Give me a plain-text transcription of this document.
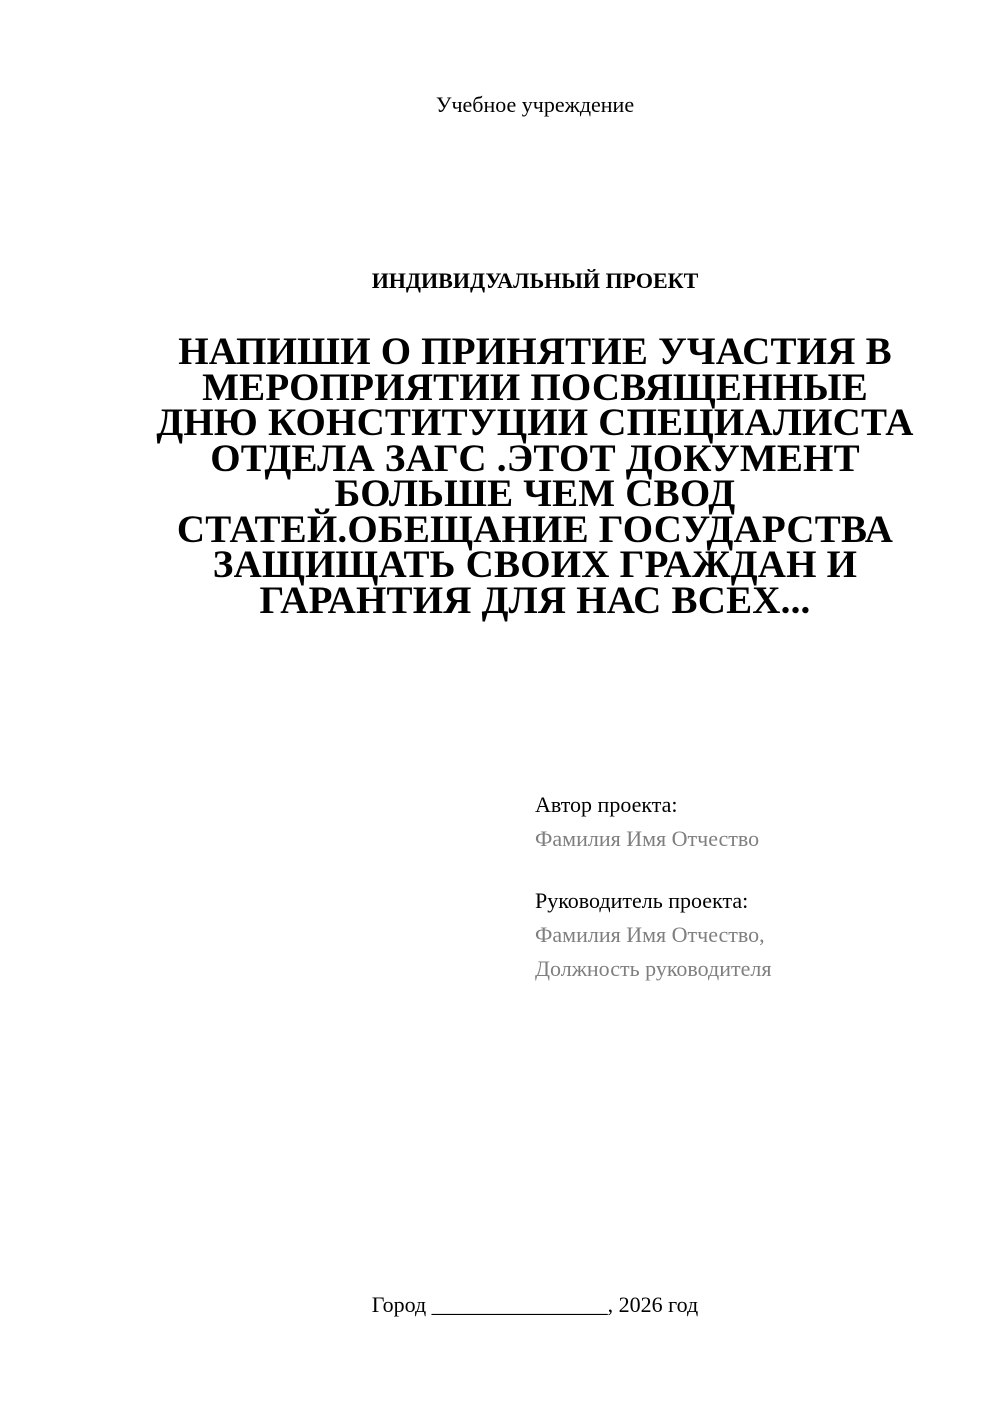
Учебное учреждение
ИНДИВИДУАЛЬНЫЙ ПРОЕКТ
НАПИШИ О ПРИНЯТИЕ УЧАСТИЯ В МЕРОПРИЯТИИ ПОСВЯЩЕННЫЕ ДНЮ КОНСТИТУЦИИ СПЕЦИАЛИСТА ОТДЕЛА ЗАГС .ЭТОТ ДОКУМЕНТ БОЛЬШЕ ЧЕМ СВОД СТАТЕЙ.ОБЕЩАНИЕ ГОСУДАРСТВА ЗАЩИЩАТЬ СВОИХ ГРАЖДАН И ГАРАНТИЯ ДЛЯ НАС ВСЕХ...
Автор проекта:
Фамилия Имя Отчество
Руководитель проекта:
Фамилия Имя Отчество,
Должность руководителя
Город ________________, 2026 год
